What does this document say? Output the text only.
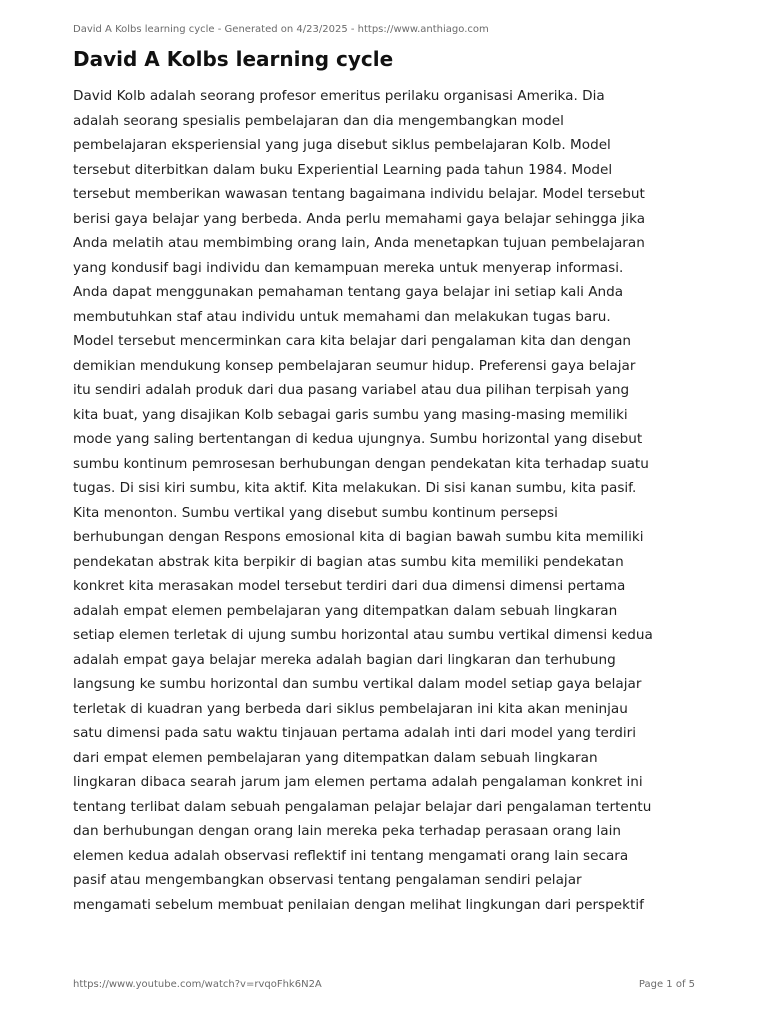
David A Kolbs learning cycle - Generated on 4/23/2025 - https://www.anthiago.com
David A Kolbs learning cycle
David Kolb adalah seorang profesor emeritus perilaku organisasi Amerika. Dia
adalah seorang spesialis pembelajaran dan dia mengembangkan model
pembelajaran eksperiensial yang juga disebut siklus pembelajaran Kolb. Model
tersebut diterbitkan dalam buku Experiential Learning pada tahun 1984. Model
tersebut memberikan wawasan tentang bagaimana individu belajar. Model tersebut
berisi gaya belajar yang berbeda. Anda perlu memahami gaya belajar sehingga jika
Anda melatih atau membimbing orang lain, Anda menetapkan tujuan pembelajaran
yang kondusif bagi individu dan kemampuan mereka untuk menyerap informasi.
Anda dapat menggunakan pemahaman tentang gaya belajar ini setiap kali Anda
membutuhkan staf atau individu untuk memahami dan melakukan tugas baru.
Model tersebut mencerminkan cara kita belajar dari pengalaman kita dan dengan
demikian mendukung konsep pembelajaran seumur hidup. Preferensi gaya belajar
itu sendiri adalah produk dari dua pasang variabel atau dua pilihan terpisah yang
kita buat, yang disajikan Kolb sebagai garis sumbu yang masing-masing memiliki
mode yang saling bertentangan di kedua ujungnya. Sumbu horizontal yang disebut
sumbu kontinum pemrosesan berhubungan dengan pendekatan kita terhadap suatu
tugas. Di sisi kiri sumbu, kita aktif. Kita melakukan. Di sisi kanan sumbu, kita pasif.
Kita menonton. Sumbu vertikal yang disebut sumbu kontinum persepsi
berhubungan dengan Respons emosional kita di bagian bawah sumbu kita memiliki
pendekatan abstrak kita berpikir di bagian atas sumbu kita memiliki pendekatan
konkret kita merasakan model tersebut terdiri dari dua dimensi dimensi pertama
adalah empat elemen pembelajaran yang ditempatkan dalam sebuah lingkaran
setiap elemen terletak di ujung sumbu horizontal atau sumbu vertikal dimensi kedua
adalah empat gaya belajar mereka adalah bagian dari lingkaran dan terhubung
langsung ke sumbu horizontal dan sumbu vertikal dalam model setiap gaya belajar
terletak di kuadran yang berbeda dari siklus pembelajaran ini kita akan meninjau
satu dimensi pada satu waktu tinjauan pertama adalah inti dari model yang terdiri
dari empat elemen pembelajaran yang ditempatkan dalam sebuah lingkaran
lingkaran dibaca searah jarum jam elemen pertama adalah pengalaman konkret ini
tentang terlibat dalam sebuah pengalaman pelajar belajar dari pengalaman tertentu
dan berhubungan dengan orang lain mereka peka terhadap perasaan orang lain
elemen kedua adalah observasi reflektif ini tentang mengamati orang lain secara
pasif atau mengembangkan observasi tentang pengalaman sendiri pelajar
mengamati sebelum membuat penilaian dengan melihat lingkungan dari perspektif
https://www.youtube.com/watch?v=rvqoFhk6N2A	Page 1 of 5
